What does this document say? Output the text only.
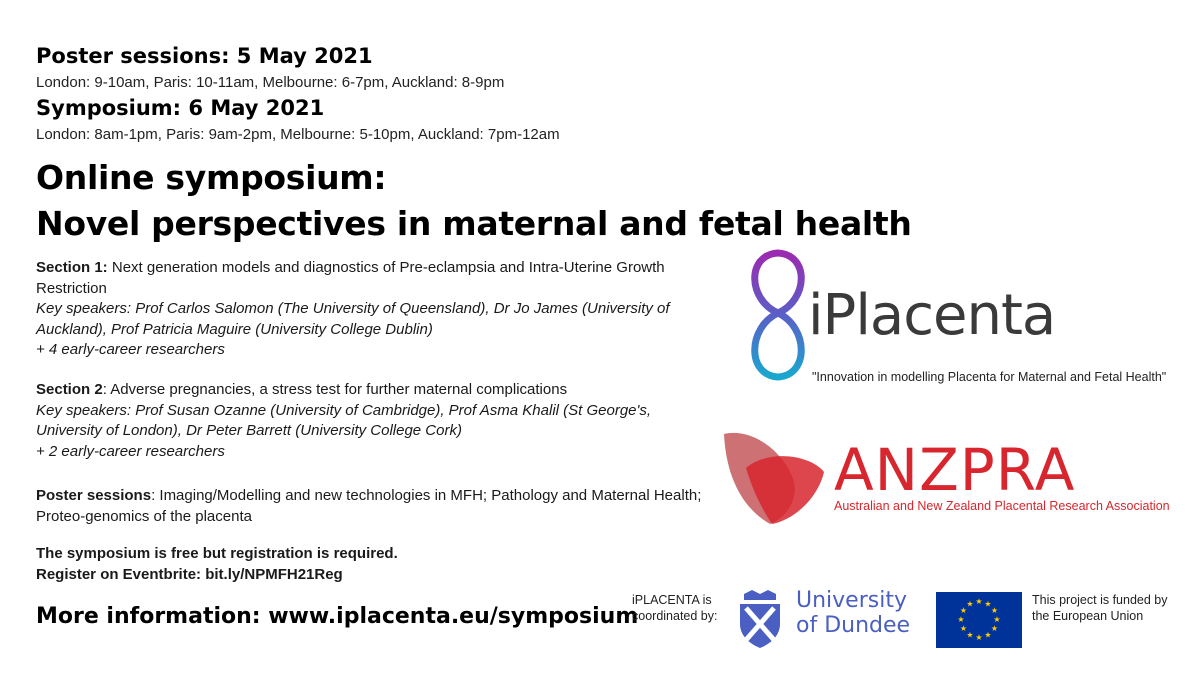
Poster sessions: 5 May 2021
London: 9-10am, Paris: 10-11am, Melbourne: 6-7pm, Auckland: 8-9pm
Symposium: 6 May 2021
London: 8am-1pm, Paris: 9am-2pm, Melbourne: 5-10pm, Auckland: 7pm-12am
Online symposium:
Novel perspectives in maternal and fetal health
Section 1: Next generation models and diagnostics of Pre-eclampsia and Intra-Uterine Growth Restriction
Key speakers: Prof Carlos Salomon (The University of Queensland), Dr Jo James (University of Auckland), Prof Patricia Maguire (University College Dublin)
+ 4 early-career researchers
Section 2: Adverse pregnancies, a stress test for further maternal complications
Key speakers: Prof Susan Ozanne (University of Cambridge), Prof Asma Khalil (St George's, University of London), Dr Peter Barrett (University College Cork)
+ 2 early-career researchers
Poster sessions: Imaging/Modelling and new technologies in MFH; Pathology and Maternal Health; Proteo-genomics of the placenta
The symposium is free but registration is required.
Register on Eventbrite: bit.ly/NPMFH21Reg
More information: www.iplacenta.eu/symposium
iPlacenta
"Innovation in modelling Placenta for Maternal and Fetal Health"
ANZPRA
Australian and New Zealand Placental Research Association
iPLACENTA is coordinated by:
University
of Dundee
★ ★
★
★
★
★
★
★
★
★
★
★	This project is funded by the European Union
